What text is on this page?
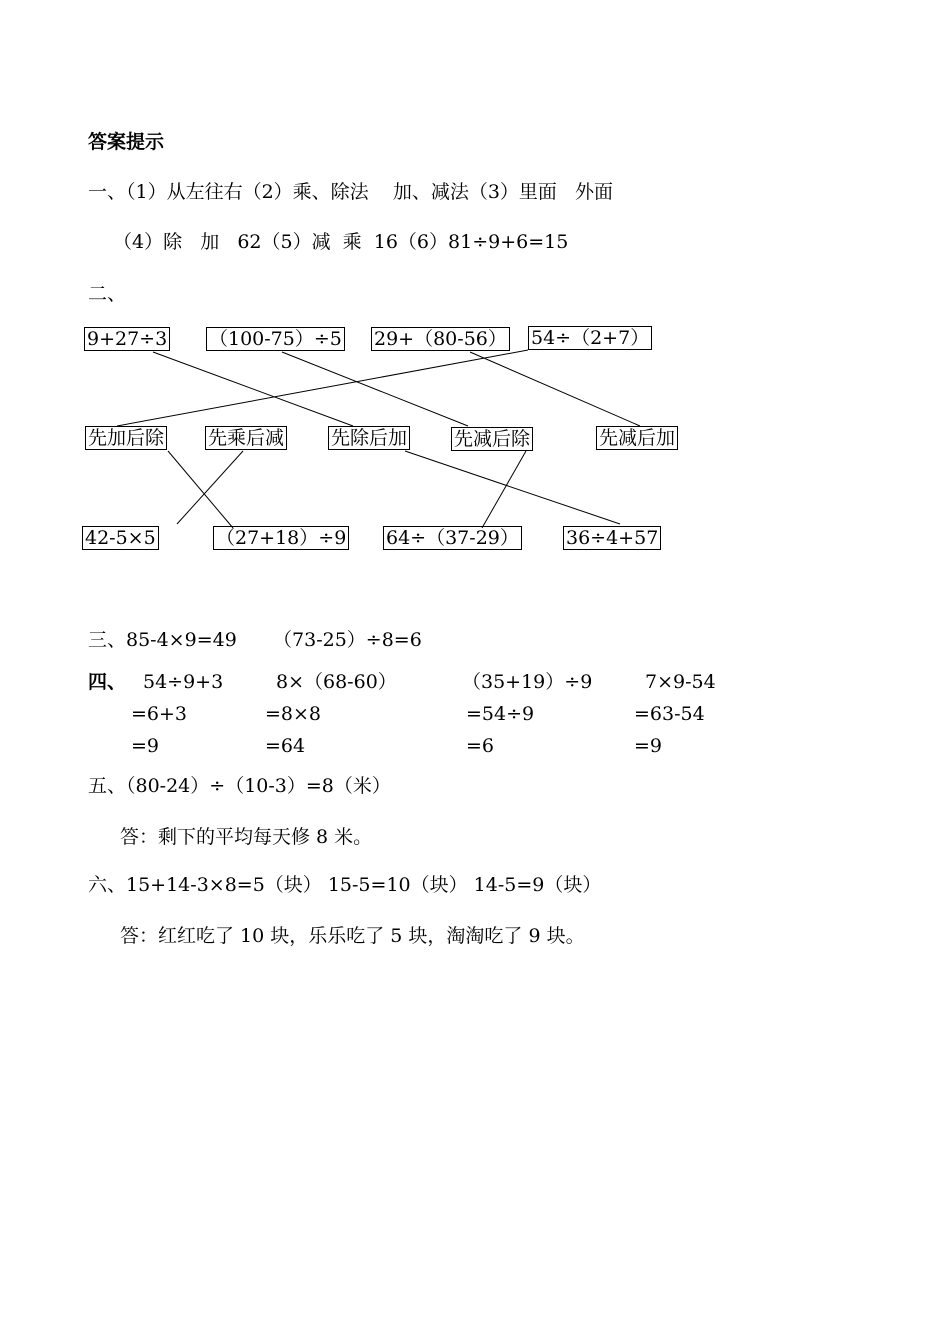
答案提示
一、（1）从左往右（2）乘、除法    加、减法（3）里面   外面
（4）除   加   62（5）减  乘  16（6）81÷9+6=15
二、
9+27÷3 （100-75）÷5 29+（80-56） 54÷（2+7）
先加后除 先乘后减 先除后加 先减后除	先减后加
42-5×5	（27+18）÷9 64÷（37-29） 36÷4+57
三、85-4×9=49      （73-25）÷8=6
四、 54÷9+3
=6+3
=9
8×（68-60）
=8×8
=64
（35+19）÷9
=54÷9
=6
7×9-54
=63-54
=9
五、（80-24）÷（10-3）=8（米）
答：剩下的平均每天修 8 米。
六、15+14-3×8=5（块） 15-5=10（块） 14-5=9（块）
答：红红吃了 10 块，乐乐吃了 5 块，淘淘吃了 9 块。
